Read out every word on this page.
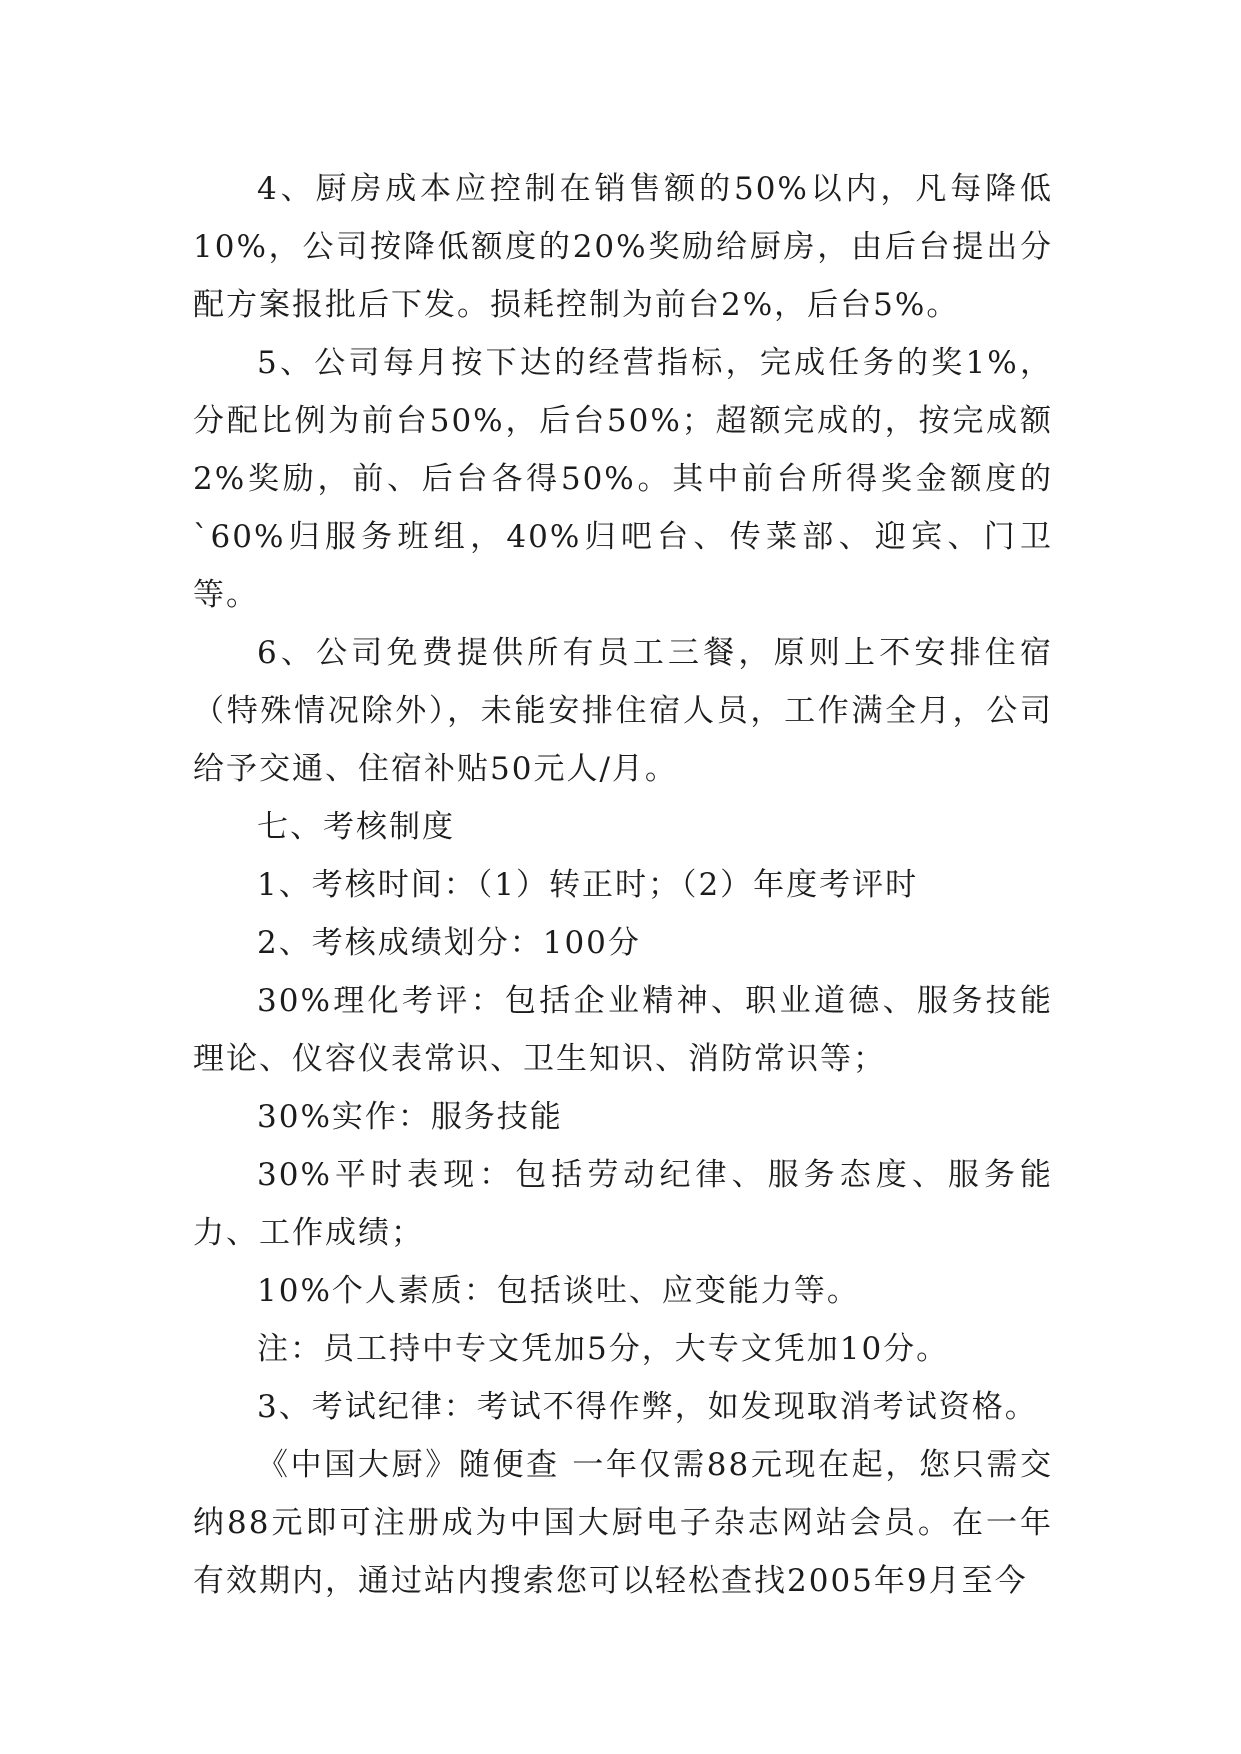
4、厨房成本应控制在销售额的50%以内，凡每降低10%，公司按降低额度的20%奖励给厨房，由后台提出分配方案报批后下发。损耗控制为前台2%，后台5%。

5、公司每月按下达的经营指标，完成任务的奖1%，分配比例为前台50%，后台50%；超额完成的，按完成额2%奖励，前、后台各得50%。其中前台所得奖金额度的`60%归服务班组，40%归吧台、传菜部、迎宾、门卫等。

6、公司免费提供所有员工三餐，原则上不安排住宿（特殊情况除外），未能安排住宿人员，工作满全月，公司给予交通、住宿补贴50元人/月。

七、考核制度

1、考核时间：（1）转正时；（2）年度考评时

2、考核成绩划分：100分

30%理化考评：包括企业精神、职业道德、服务技能理论、仪容仪表常识、卫生知识、消防常识等；

30%实作：服务技能

30%平时表现：包括劳动纪律、服务态度、服务能力、工作成绩；

10%个人素质：包括谈吐、应变能力等。

注：员工持中专文凭加5分，大专文凭加10分。

3、考试纪律：考试不得作弊，如发现取消考试资格。

《中国大厨》随便查 一年仅需88元现在起，您只需交纳88元即可注册成为中国大厨电子杂志网站会员。在一年有效期内，通过站内搜索您可以轻松查找2005年9月至今
